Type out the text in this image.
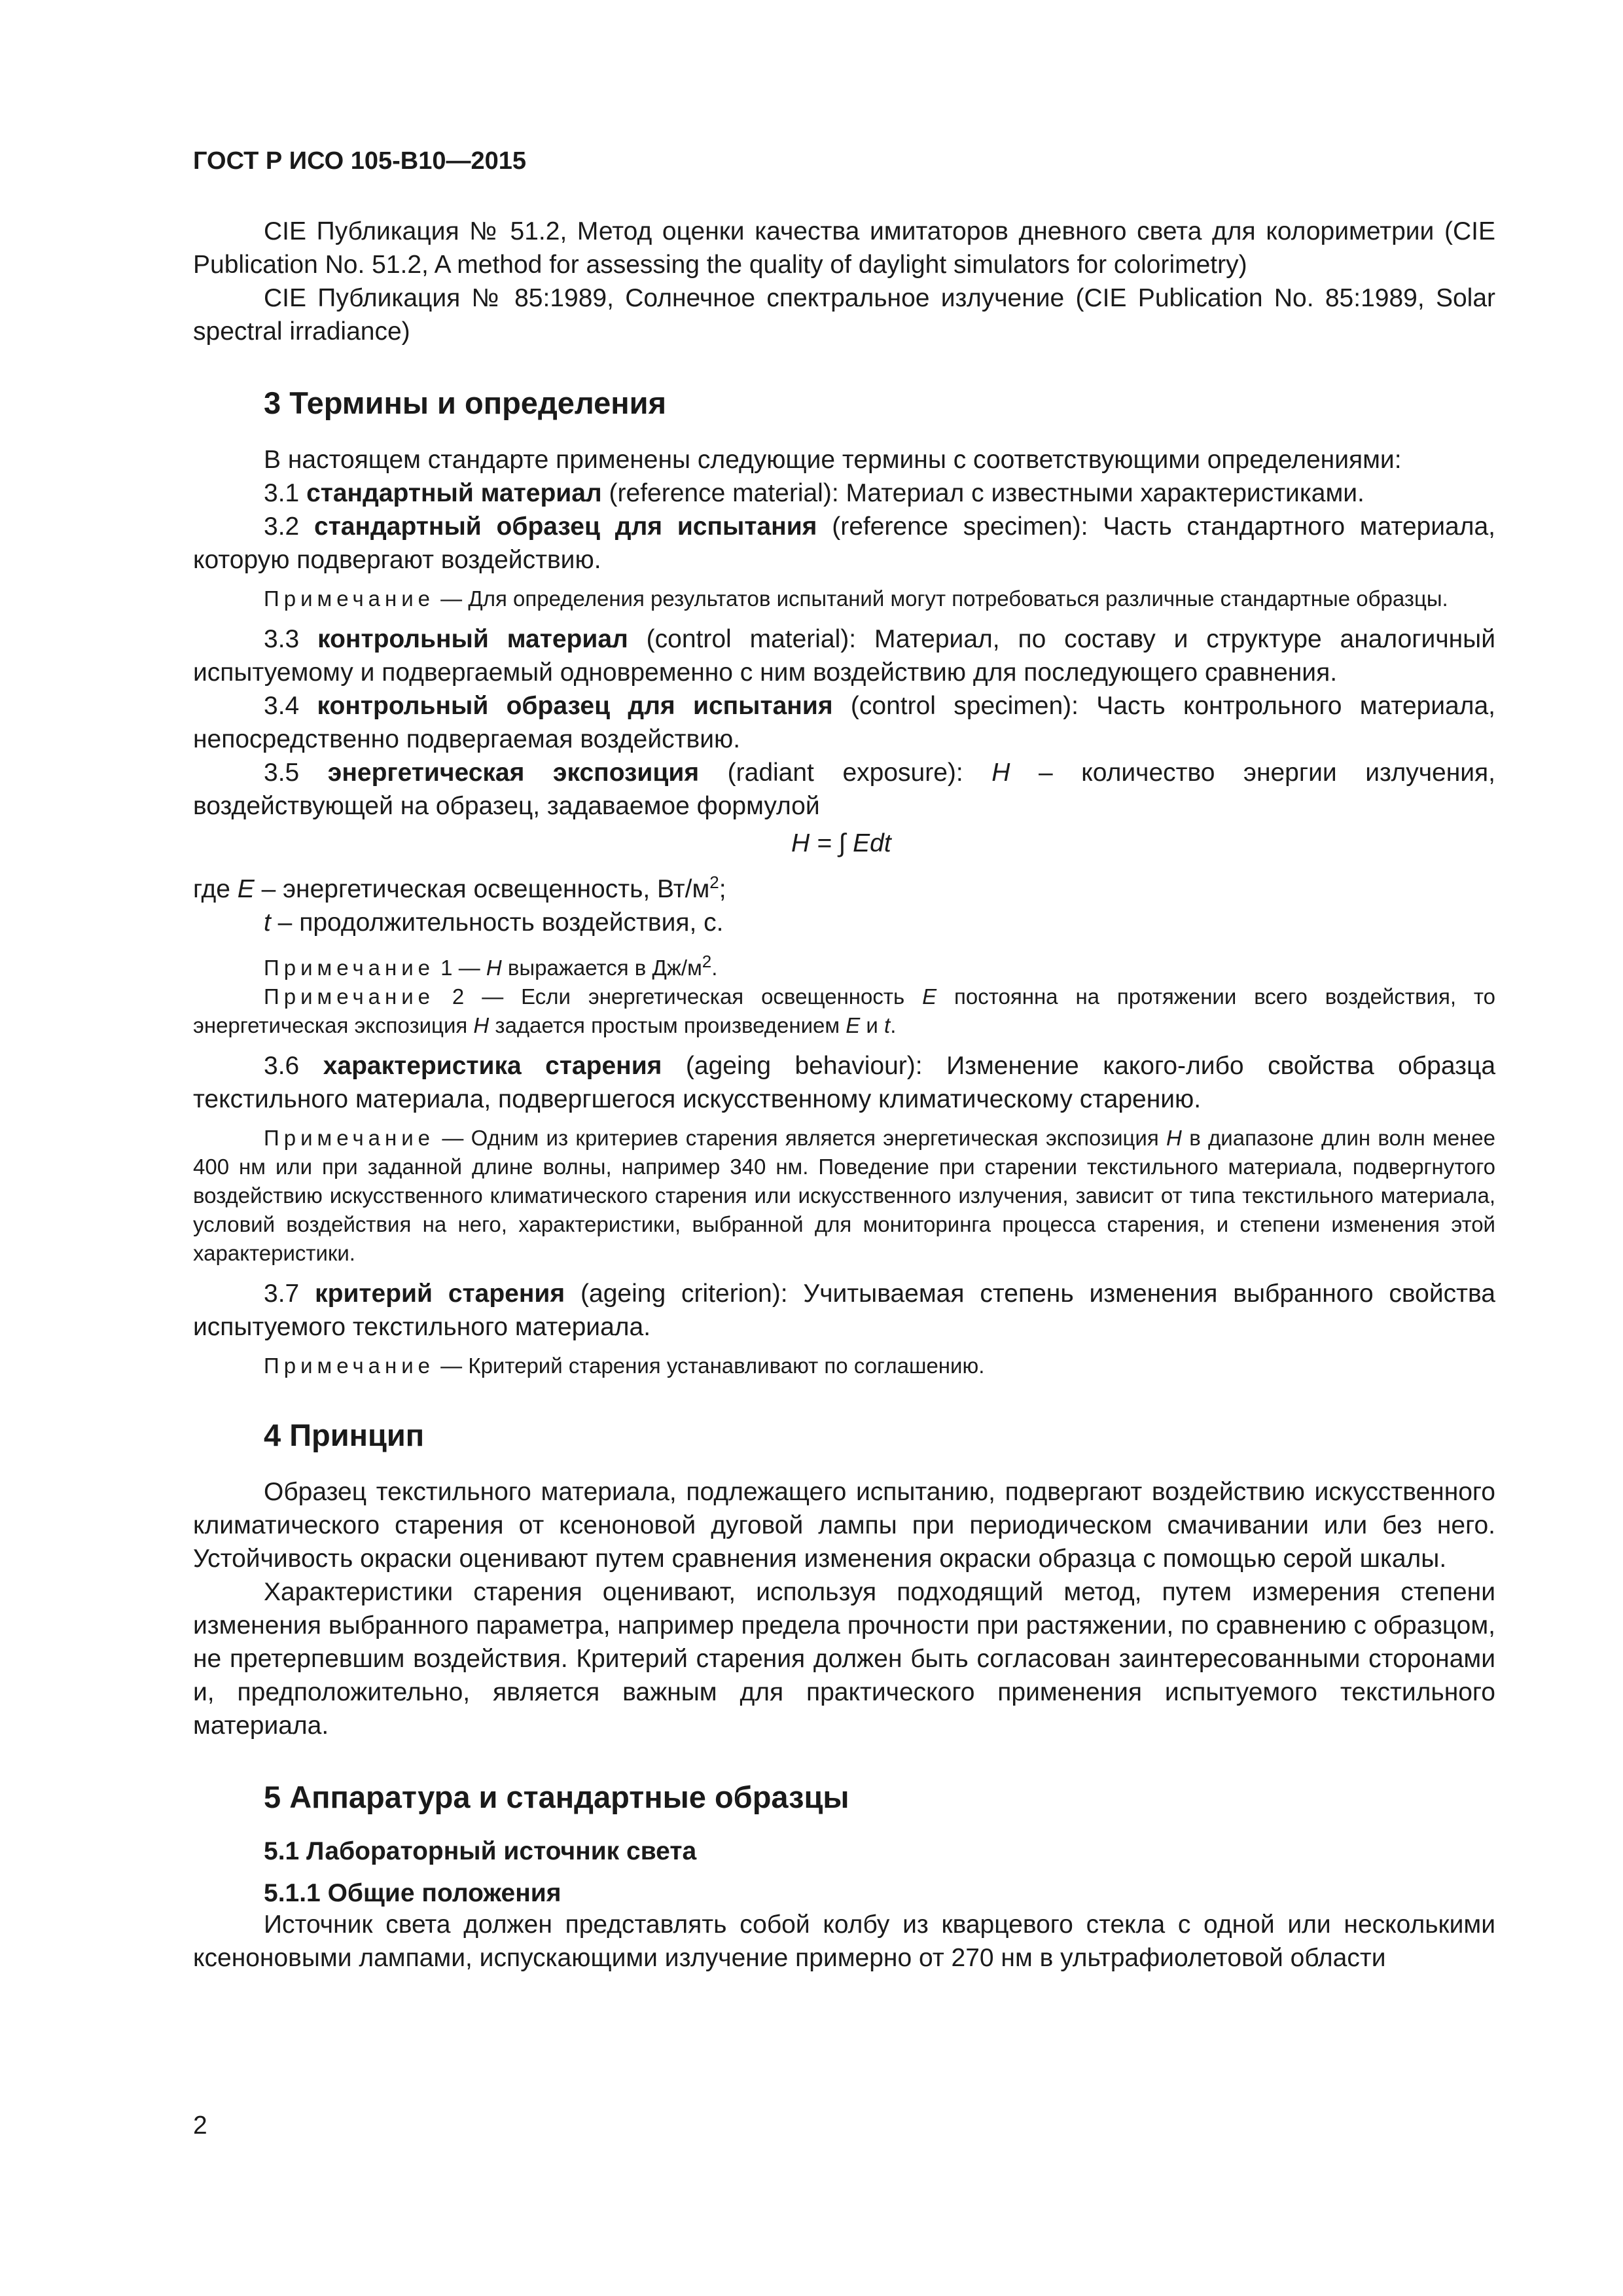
ГОСТ Р ИСО 105-В10—2015

CIE Публикация № 51.2, Метод оценки качества имитаторов дневного света для колориметрии (CIE Publication No. 51.2, A method for assessing the quality of daylight simulators for colorimetry)

CIE Публикация № 85:1989, Солнечное спектральное излучение (CIE Publication No. 85:1989, Solar spectral irradiance)

3 Термины и определения

В настоящем стандарте применены следующие термины с соответствующими определениями:

3.1 стандартный материал (reference material): Материал с известными характеристиками.

3.2 стандартный образец для испытания (reference specimen): Часть стандартного материала, которую подвергают воздействию.

Примечание — Для определения результатов испытаний могут потребоваться различные стандартные образцы.

3.3 контрольный материал (control material): Материал, по составу и структуре аналогичный испытуемому и подвергаемый одновременно с ним воздействию для последующего сравнения.

3.4 контрольный образец для испытания (control specimen): Часть контрольного материала, непосредственно подвергаемая воздействию.

3.5 энергетическая экспозиция (radiant exposure): H – количество энергии излучения, воздействующей на образец, задаваемое формулой

H = ∫ Edt

где E – энергетическая освещенность, $Вт/м^2$;

t – продолжительность воздействия, с.

Примечание 1 — H выражается в $Дж/м^2$.

Примечание 2 — Если энергетическая освещенность E постоянна на протяжении всего воздействия, то энергетическая экспозиция H задается простым произведением E и t.

3.6 характеристика старения (ageing behaviour): Изменение какого-либо свойства образца текстильного материала, подвергшегося искусственному климатическому старению.

Примечание — Одним из критериев старения является энергетическая экспозиция H в диапазоне длин волн менее 400 нм или при заданной длине волны, например 340 нм. Поведение при старении текстильного материала, подвергнутого воздействию искусственного климатического старения или искусственного излучения, зависит от типа текстильного материала, условий воздействия на него, характеристики, выбранной для мониторинга процесса старения, и степени изменения этой характеристики.

3.7 критерий старения (ageing criterion): Учитываемая степень изменения выбранного свойства испытуемого текстильного материала.

Примечание — Критерий старения устанавливают по соглашению.

4 Принцип

Образец текстильного материала, подлежащего испытанию, подвергают воздействию искусственного климатического старения от ксеноновой дуговой лампы при периодическом смачивании или без него. Устойчивость окраски оценивают путем сравнения изменения окраски образца с помощью серой шкалы.

Характеристики старения оценивают, используя подходящий метод, путем измерения степени изменения выбранного параметра, например предела прочности при растяжении, по сравнению с образцом, не претерпевшим воздействия. Критерий старения должен быть согласован заинтересованными сторонами и, предположительно, является важным для практического применения испытуемого текстильного материала.

5 Аппаратура и стандартные образцы
5.1 Лабораторный источник света
5.1.1 Общие положения

Источник света должен представлять собой колбу из кварцевого стекла с одной или несколькими ксеноновыми лампами, испускающими излучение примерно от 270 нм в ультрафиолетовой области

2
